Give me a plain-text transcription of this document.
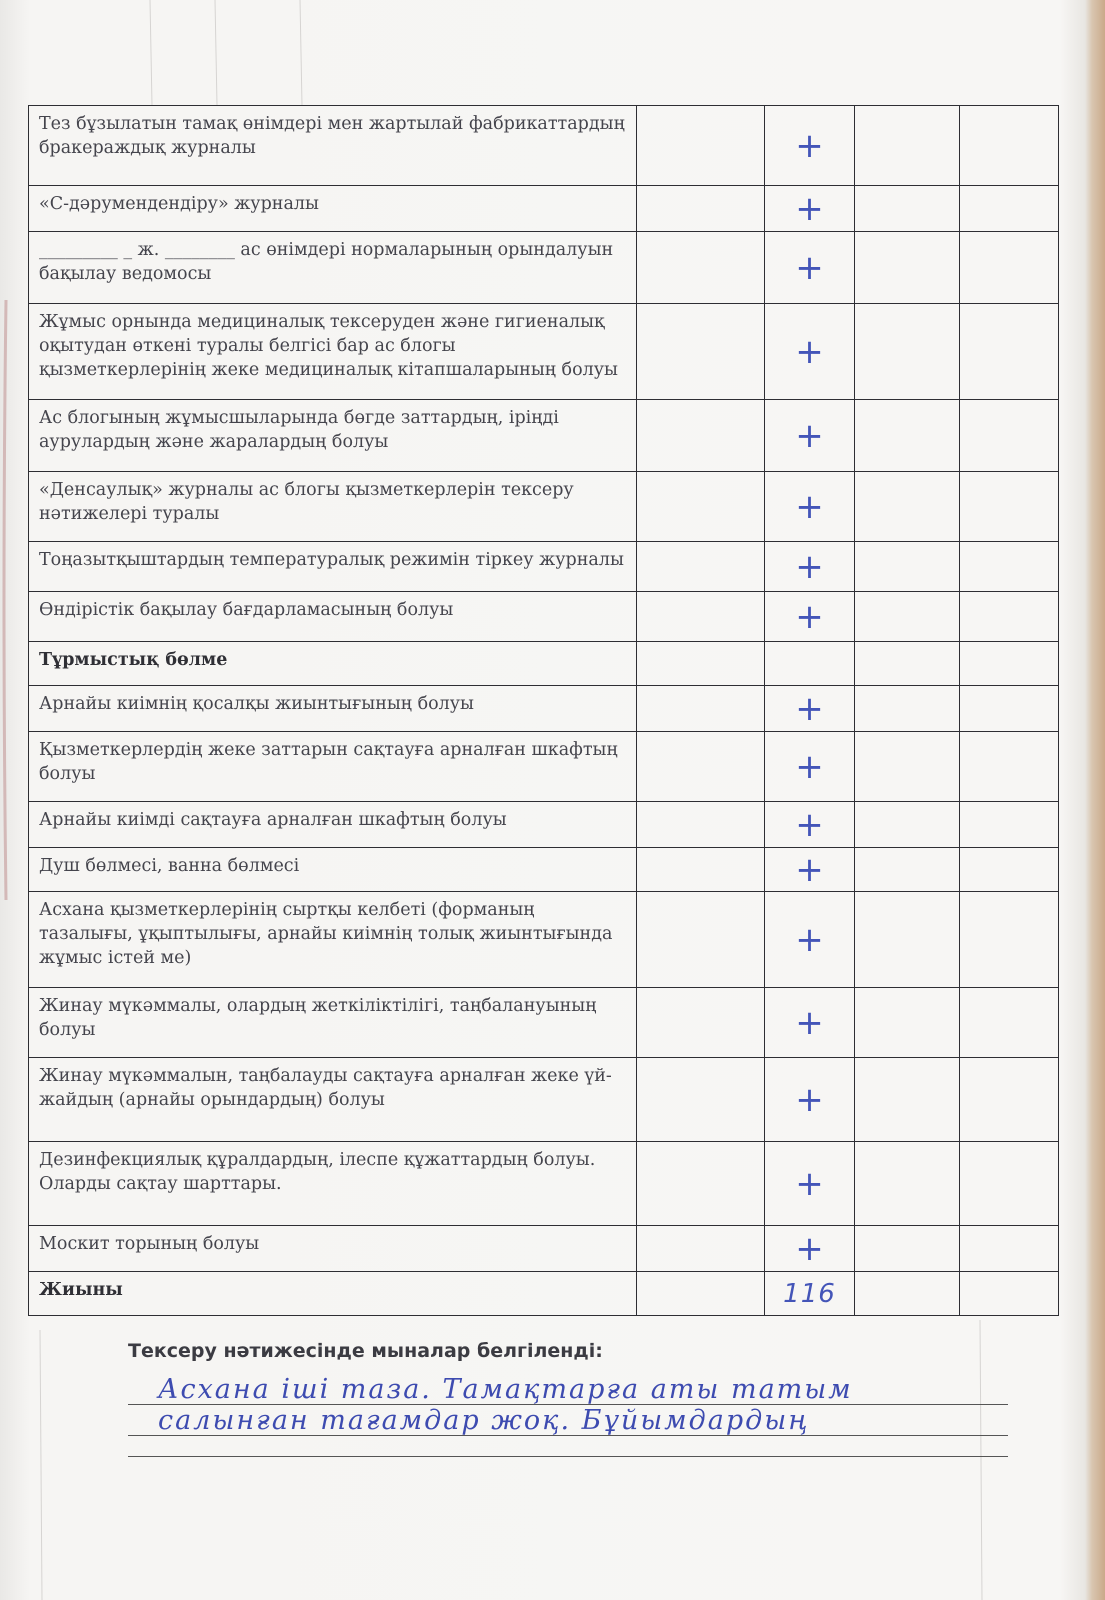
Тез бұзылатын тамақ өнімдері мен жартылай фабрикаттардың бракераждық журналы		+		
«С-дәрумендендіру» журналы		+		
_________ _ ж. ________ ас өнімдері нормаларының орындалуын бақылау ведомосы		+		
Жұмыс орнында медициналық тексеруден және гигиеналық оқытудан өткені туралы белгісі бар ас блогы қызметкерлерінің жеке медициналық кітапшаларының болуы		+		
Ас блогының жұмысшыларында бөгде заттардың, іріңді аурулардың және жаралардың болуы		+		
«Денсаулық» журналы ас блогы қызметкерлерін тексеру нәтижелері туралы		+		
Тоңазытқыштардың температуралық режимін тіркеу журналы		+		
Өндірістік бақылау бағдарламасының болуы		+		
Тұрмыстық бөлме				
Арнайы киімнің қосалқы жиынтығының болуы		+		
Қызметкерлердің жеке заттарын сақтауға арналған шкафтың болуы		+		
Арнайы киімді сақтауға арналған шкафтың болуы		+		
Душ бөлмесі, ванна бөлмесі		+		
Асхана қызметкерлерінің сыртқы келбеті (форманың тазалығы, ұқыптылығы, арнайы киімнің толық жиынтығында жұмыс істей ме)		+		
Жинау мүкәммалы, олардың жеткіліктілігі, таңбалануының болуы		+		
Жинау мүкәммалын, таңбалауды сақтауға арналған жеке үй-жайдың (арнайы орындардың) болуы		+		
Дезинфекциялық құралдардың, ілеспе құжаттардың болуы. Оларды сақтау шарттары.		+		
Москит торының болуы		+		
Жиыны		116		
Тексеру нәтижесінде мыналар белгіленді:
Асхана іші таза. Тамақтарға аты татым
салынған тағамдар жоқ. Бұйымдардың
